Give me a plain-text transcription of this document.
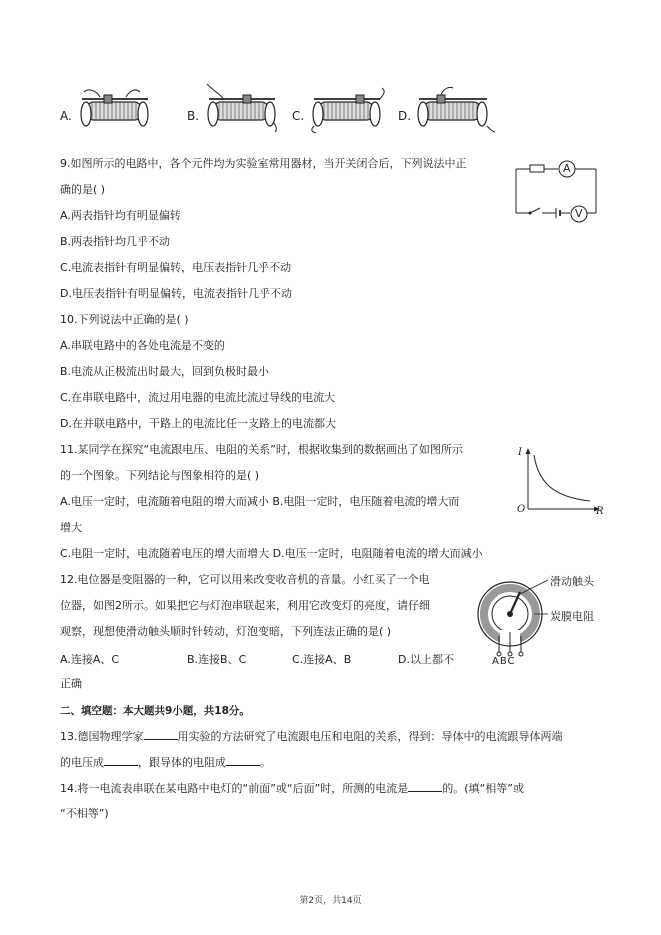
A.	B.	C.	D.
9.如图所示的电路中，各个元件均为实验室常用器材，当开关闭合后，下列说法中正
确的是( )
A.两表指针均有明显偏转
B.两表指针均几乎不动
C.电流表指针有明显偏转，电压表指针几乎不动
D.电压表指针有明显偏转，电流表指针几乎不动
A
V
10.下列说法中正确的是( )
A.串联电路中的各处电流是不变的
B.电流从正极流出时最大，回到负极时最小
C.在串联电路中，流过用电器的电流比流过导线的电流大
D.在并联电路中，干路上的电流比任一支路上的电流都大
11.某同学在探究“电流跟电压、电阻的关系”时，根据收集到的数据画出了如图所示
的一个图象。下列结论与图象相符的是( )
A.电压一定时，电流随着电阻的增大而减小 B.电阻一定时，电压随着电流的增大而
增大
C.电阻一定时，电流随着电压的增大而增大 D.电压一定时，电阻随着电流的增大而减小
I
O	R
12.电位器是变阻器的一种，它可以用来改变收音机的音量。小红买了一个电
位器，如图2所示。如果把它与灯泡串联起来，利用它改变灯的亮度，请仔细
观察，现想使滑动触头顺时针转动，灯泡变暗，下列连法正确的是( )
A.连接A、C	B.连接B、C	C.连接A、B	D.以上都不
正确
滑动触头
炭膜电阻
ABC
二、填空题：本大题共9小题，共18分。
13.德国物理学家	用实验的方法研究了电流跟电压和电阻的关系，得到：导体中的电流跟导体两端
的电压成	，跟导体的电阻成	。
14.将一电流表串联在某电路中电灯的“前面”或“后面”时，所测的电流是	的。(填“相等”或
“不相等”)
第2页，共14页
